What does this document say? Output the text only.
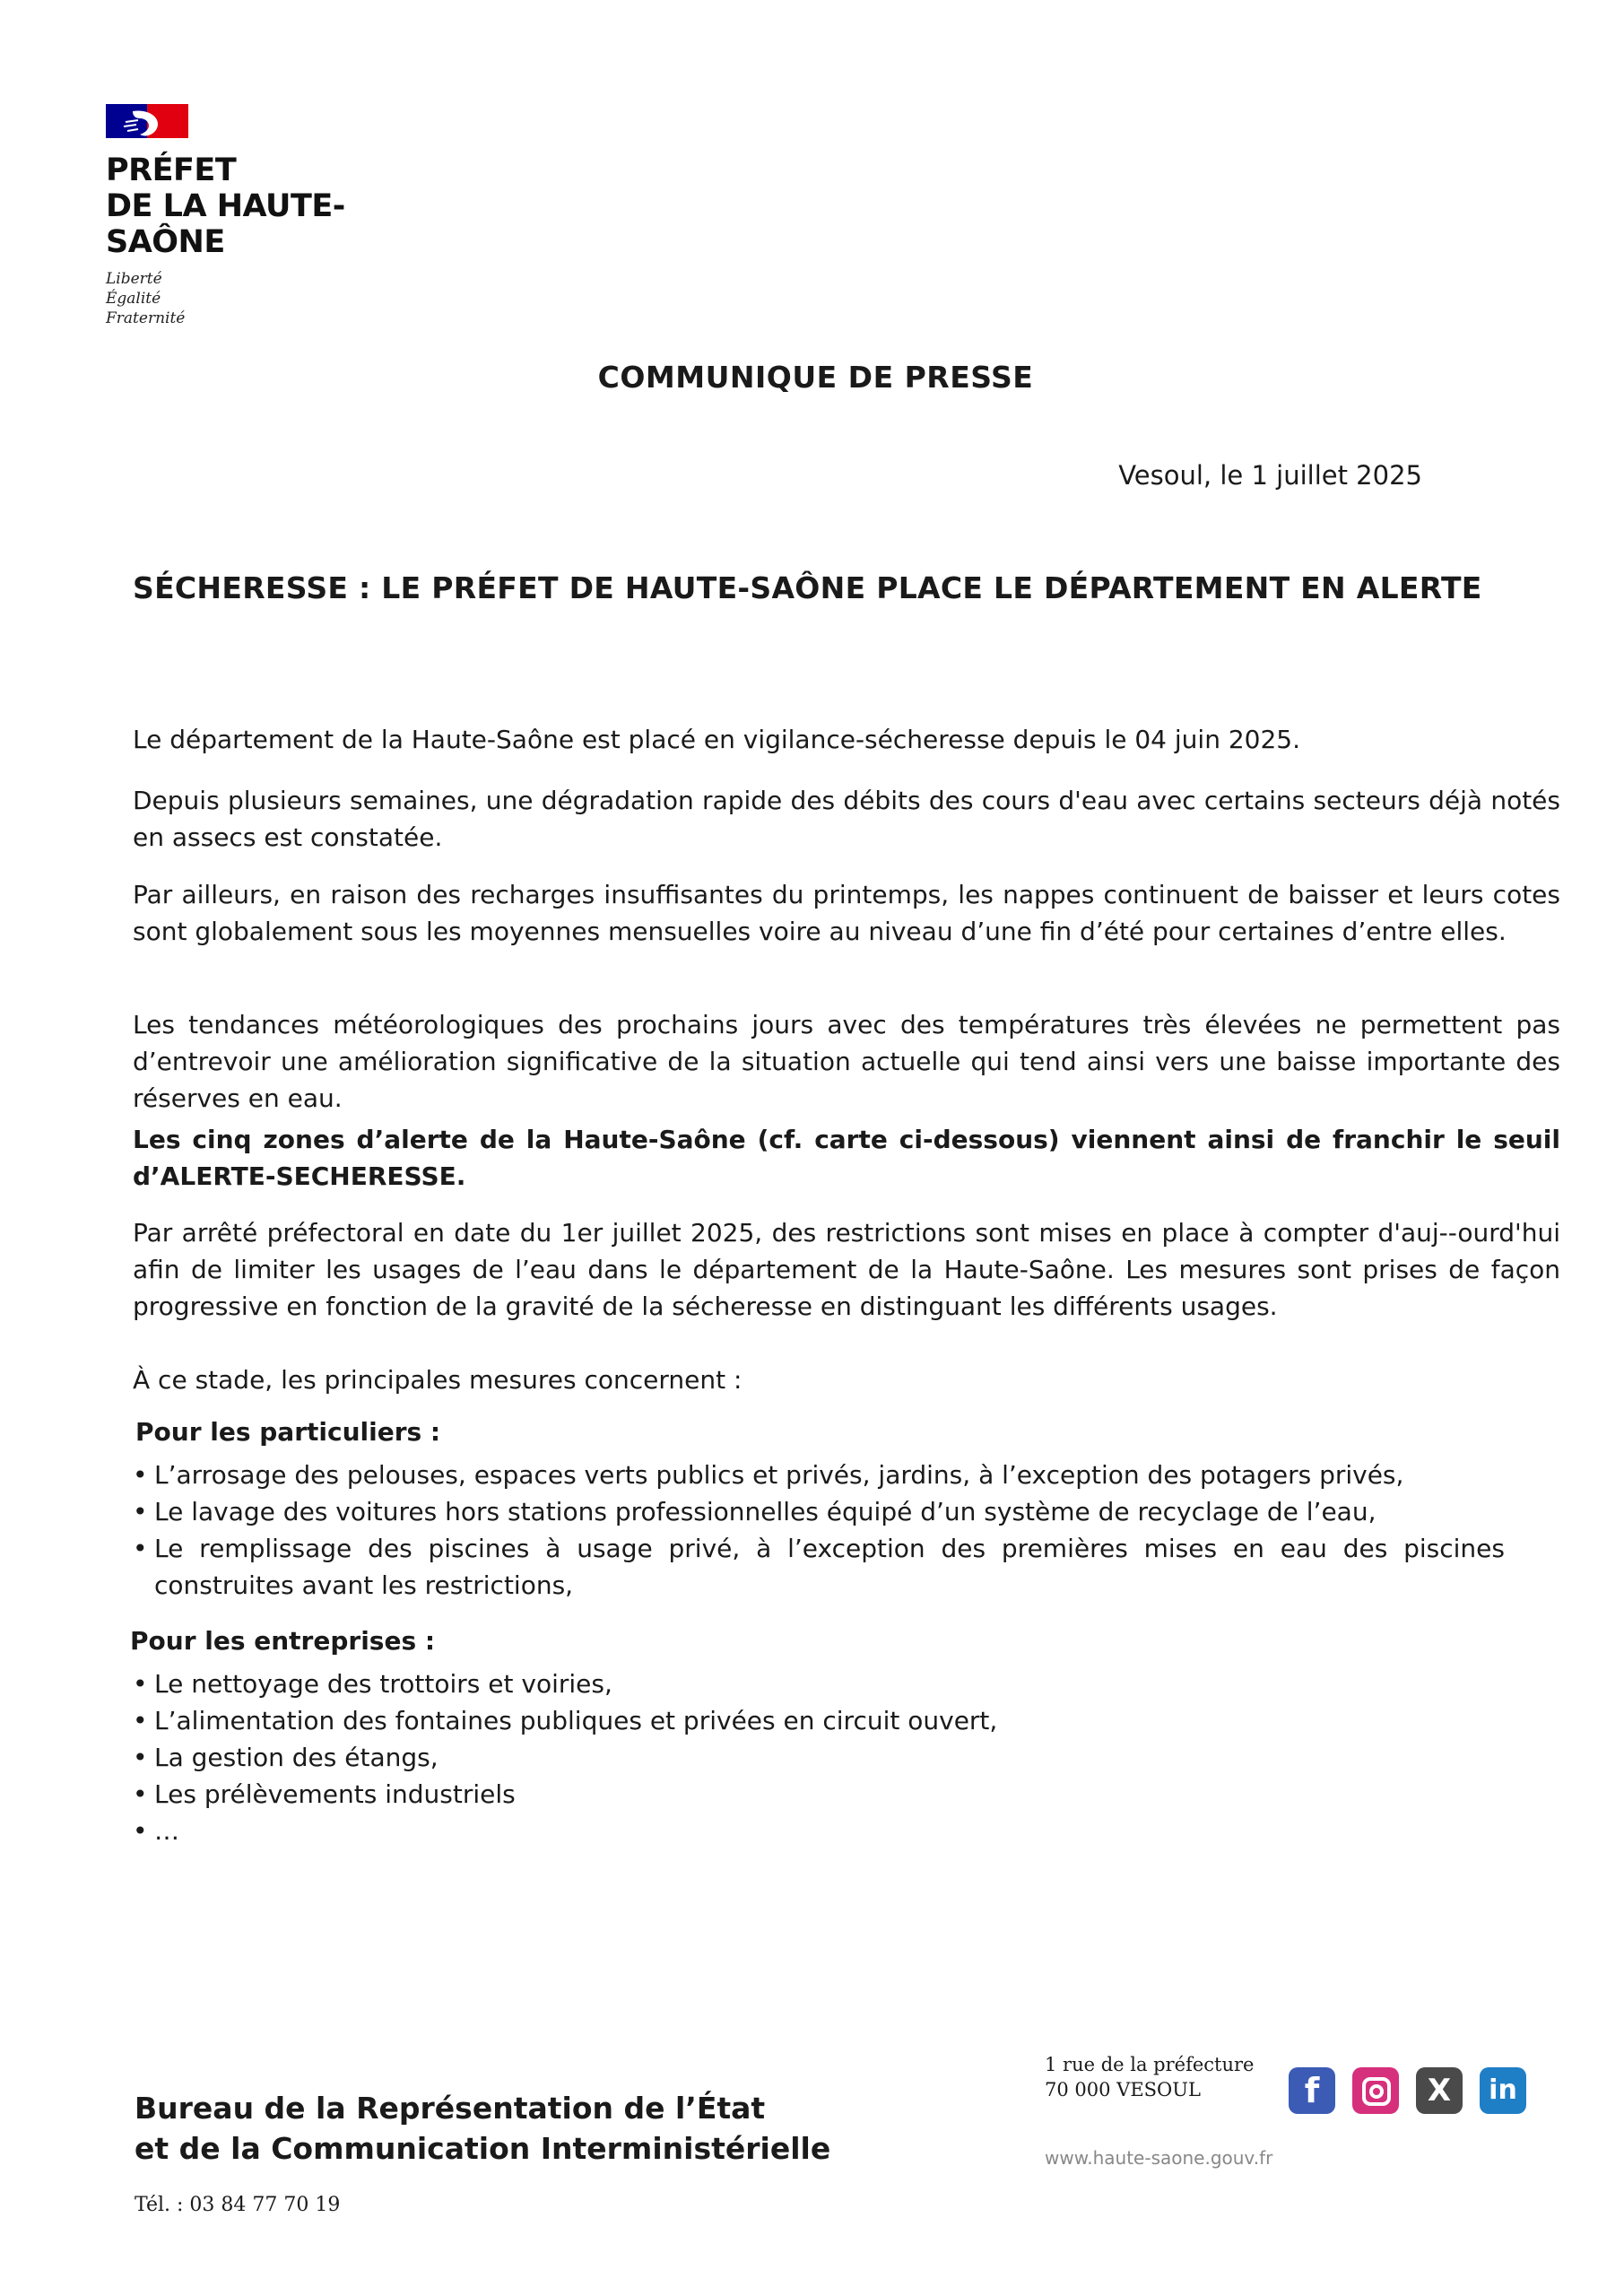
PRÉFET
DE LA HAUTE-
SAÔNE
Liberté
Égalité
Fraternité
COMMUNIQUE DE PRESSE
Vesoul, le 1 juillet 2025
SÉCHERESSE : LE PRÉFET DE HAUTE-SAÔNE PLACE LE DÉPARTEMENT EN ALERTE

Le département de la Haute-Saône est placé en vigilance-sécheresse depuis le 04 juin 2025.

Depuis plusieurs semaines, une dégradation rapide des débits des cours d'eau avec certains secteurs déjà notés en assecs est constatée.

Par ailleurs, en raison des recharges insuffisantes du printemps, les nappes continuent de baisser et leurs cotes sont globalement sous les moyennes mensuelles voire au niveau d’une fin d’été pour certaines d’entre elles.

Les tendances météorologiques des prochains jours avec des températures très élevées ne permettent pas d’entrevoir une amélioration significative de la situation actuelle qui tend ainsi vers une baisse importante des réserves en eau.

Les cinq zones d’alerte de la Haute-Saône (cf. carte ci-dessous) viennent ainsi de franchir le seuil d’ALERTE-SECHERESSE.

Par arrêté préfectoral en date du 1er juillet 2025, des restrictions sont mises en place à compter d'auj--ourd'hui afin de limiter les usages de l’eau dans le département de la Haute-Saône. Les mesures sont prises de façon progressive en fonction de la gravité de la sécheresse en distinguant les différents usages.

À ce stade, les principales mesures concernent :

Pour les particuliers :
• L’arrosage des pelouses, espaces verts publics et privés, jardins, à l’exception des potagers privés,
• Le lavage des voitures hors stations professionnelles équipé d’un système de recyclage de l’eau,
• Le remplissage des piscines à usage privé, à l’exception des premières mises en eau des piscines construites avant les restrictions,
Pour les entreprises :
• Le nettoyage des trottoirs et voiries,
• L’alimentation des fontaines publiques et privées en circuit ouvert,
• La gestion des étangs,
• Les prélèvements industriels
• …
Bureau de la Représentation de l’État
et de la Communication Interministérielle
Tél. : 03 84 77 70 19
1 rue de la préfecture
70 000 VESOUL
www.haute-saone.gouv.fr
f	X	in
